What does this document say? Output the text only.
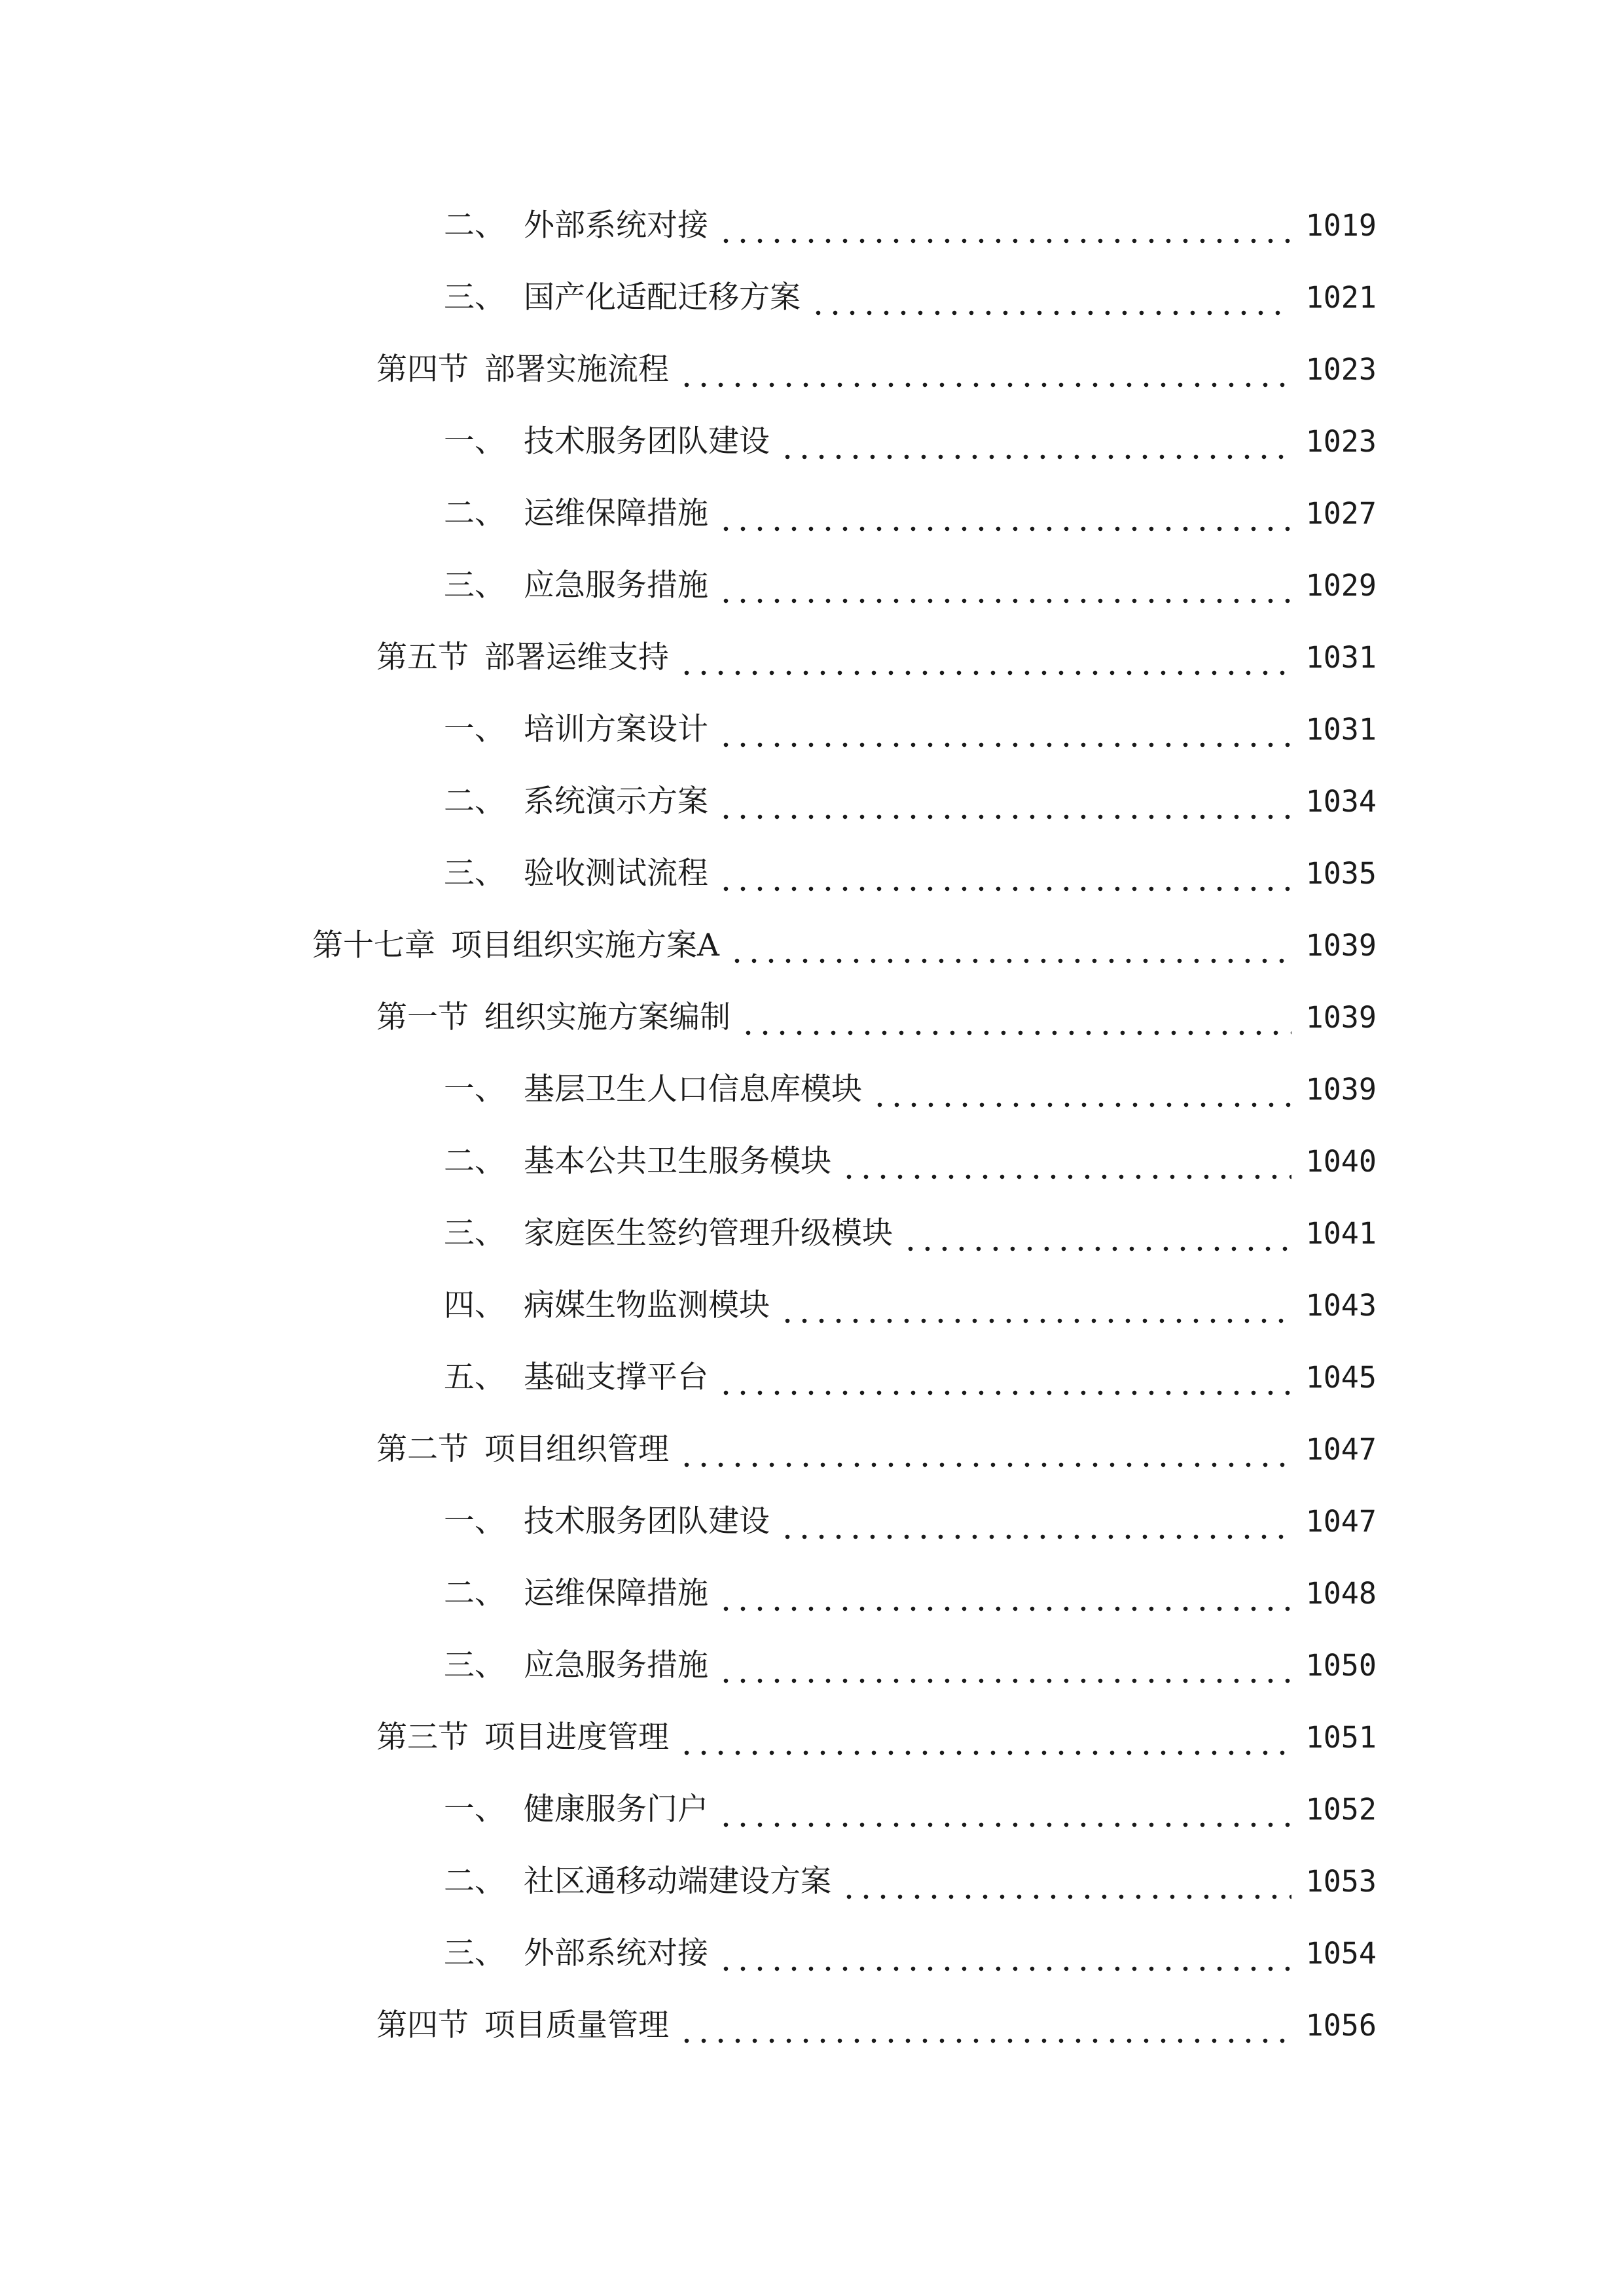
二、 外部系统对接	1019
三、 国产化适配迁移方案	1021
第四节 部署实施流程	1023
一、 技术服务团队建设	1023
二、 运维保障措施	1027
三、 应急服务措施	1029
第五节 部署运维支持	1031
一、 培训方案设计	1031
二、 系统演示方案	1034
三、 验收测试流程	1035
第十七章 项目组织实施方案A	1039
第一节 组织实施方案编制	1039
一、 基层卫生人口信息库模块	1039
二、 基本公共卫生服务模块	1040
三、 家庭医生签约管理升级模块	1041
四、 病媒生物监测模块	1043
五、 基础支撑平台	1045
第二节 项目组织管理	1047
一、 技术服务团队建设	1047
二、 运维保障措施	1048
三、 应急服务措施	1050
第三节 项目进度管理	1051
一、 健康服务门户	1052
二、 社区通移动端建设方案	1053
三、 外部系统对接	1054
第四节 项目质量管理	1056
